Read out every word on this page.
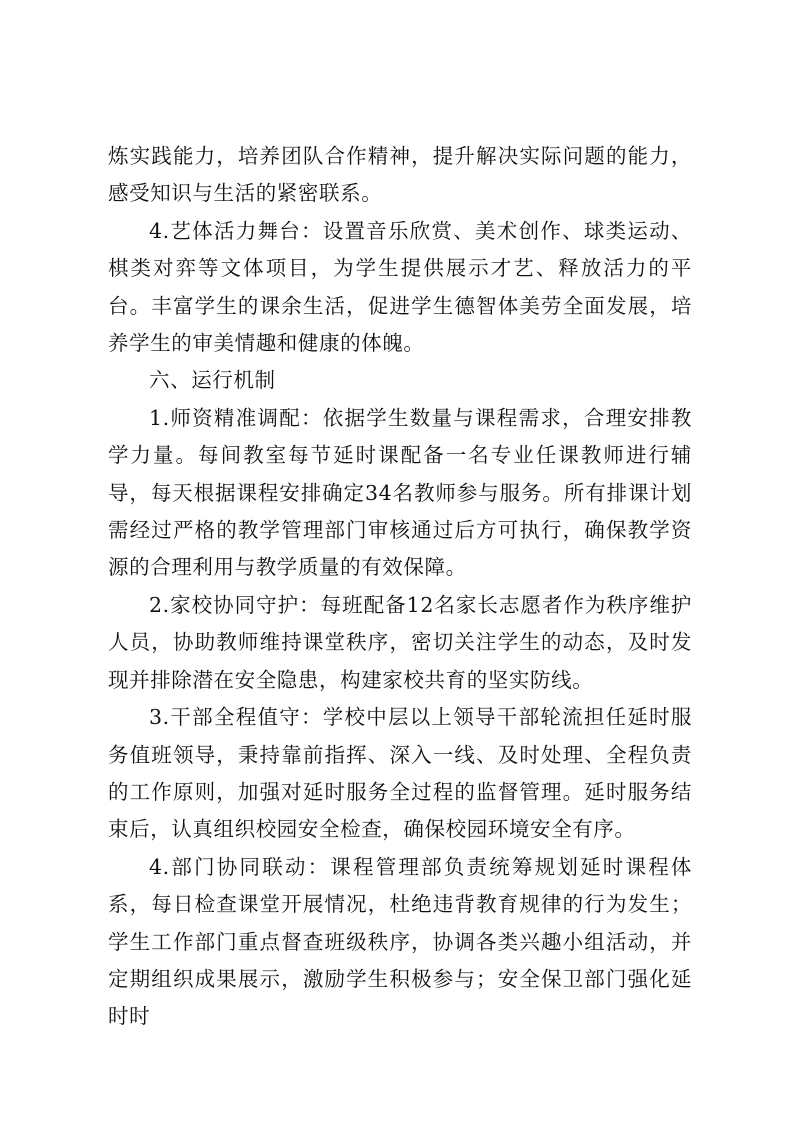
炼实践能力，培养团队合作精神，提升解决实际问题的能力，感受知识与生活的紧密联系。

4.艺体活力舞台：设置音乐欣赏、美术创作、球类运动、棋类对弈等文体项目，为学生提供展示才艺、释放活力的平台。丰富学生的课余生活，促进学生德智体美劳全面发展，培养学生的审美情趣和健康的体魄。

六、运行机制

1.师资精准调配：依据学生数量与课程需求，合理安排教学力量。每间教室每节延时课配备一名专业任课教师进行辅导，每天根据课程安排确定34名教师参与服务。所有排课计划需经过严格的教学管理部门审核通过后方可执行，确保教学资源的合理利用与教学质量的有效保障。

2.家校协同守护：每班配备12名家长志愿者作为秩序维护人员，协助教师维持课堂秩序，密切关注学生的动态，及时发现并排除潜在安全隐患，构建家校共育的坚实防线。

3.干部全程值守：学校中层以上领导干部轮流担任延时服务值班领导，秉持靠前指挥、深入一线、及时处理、全程负责的工作原则，加强对延时服务全过程的监督管理。延时服务结束后，认真组织校园安全检查，确保校园环境安全有序。

4.部门协同联动：课程管理部负责统筹规划延时课程体系，每日检查课堂开展情况，杜绝违背教育规律的行为发生；学生工作部门重点督查班级秩序，协调各类兴趣小组活动，并定期组织成果展示，激励学生积极参与；安全保卫部门强化延时时
